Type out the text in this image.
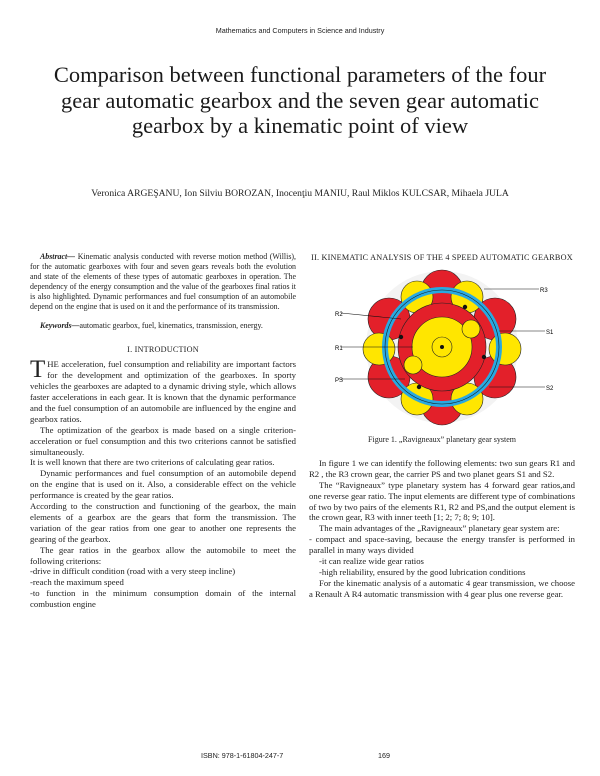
Mathematics and Computers in Science and Industry
Comparison between functional parameters of the four gear automatic gearbox and the seven gear automatic gearbox by a kinematic point of view
Veronica ARGEŞANU, Ion Silviu BOROZAN, Inocenţiu MANIU, Raul Miklos KULCSAR, Mihaela JULA
Abstract— Kinematic analysis conducted with reverse motion method (Willis), for the automatic gearboxes with four and seven gears reveals both the evolution and state of the elements of these types of automatic gearboxes in operation. The dependency of the energy consumption and the value of the gearboxes final ratios it is also highlighted. Dynamic performances and fuel consumption of an automobile depend on the engine that is used on it and the performance of its transmission.
Keywords—automatic gearbox, fuel, kinematics, transmission, energy.
I. INTRODUCTION

THE acceleration, fuel consumption and reliability are important factors for the development and optimization of the gearboxes. In sporty vehicles the gearboxes are adapted to a dynamic driving style, which allows faster accelerations in each gear. It is known that the dynamic performance and the fuel consumption of an automobile are influenced by the engine and gearbox ratios.

The optimization of the gearbox is made based on a single criterion-acceleration or fuel consumption and this two criterions cannot be satisfied simultaneously.

It is well known that there are two criterions of calculating gear ratios.

Dynamic performances and fuel consumption of an automobile depend on the engine that is used on it. Also, a considerable effect on the vehicle performance is created by the gear ratios.

According to the construction and functioning of the gearbox, the main elements of a gearbox are the gears that form the transmission. The variation of the gear ratios from one gear to another one represents the gearing of the gearbox.

The gear ratios in the gearbox allow the automobile to meet the following criterions:

-drive in difficult condition (road with a very steep incline)

-reach the maximum speed

-to function in the minimum consumption domain of the internal combustion engine

II. KINEMATIC ANALYSIS OF THE 4 SPEED AUTOMATIC GEARBOX
R2
R1
PS
R3
S1
S2
Figure 1. „Ravigneaux” planetary gear system

In figure 1 we can identify the following elements: two sun gears R1 and R2 , the R3 crown gear, the carrier PS and two planet gears S1 and S2.

The “Ravigneaux” type planetary system has 4 forward gear ratios,and one reverse gear ratio. The input elements are different type of combinations of two by two pairs of the elements R1, R2 and PS,and the output element is the crown gear, R3 with inner teeth [1; 2; 7; 8; 9; 10].

The main advantages of the „Ravigneaux” planetary gear system are:

- compact and space-saving, because the energy transfer is performed in parallel in many ways divided

-it can realize wide gear ratios

-high reliability, ensured by the good lubrication conditions

For the kinematic analysis of a automatic 4 gear transmission, we choose a Renault A R4 automatic transmission with 4 gear plus one reverse gear.

ISBN: 978-1-61804-247-7	169
